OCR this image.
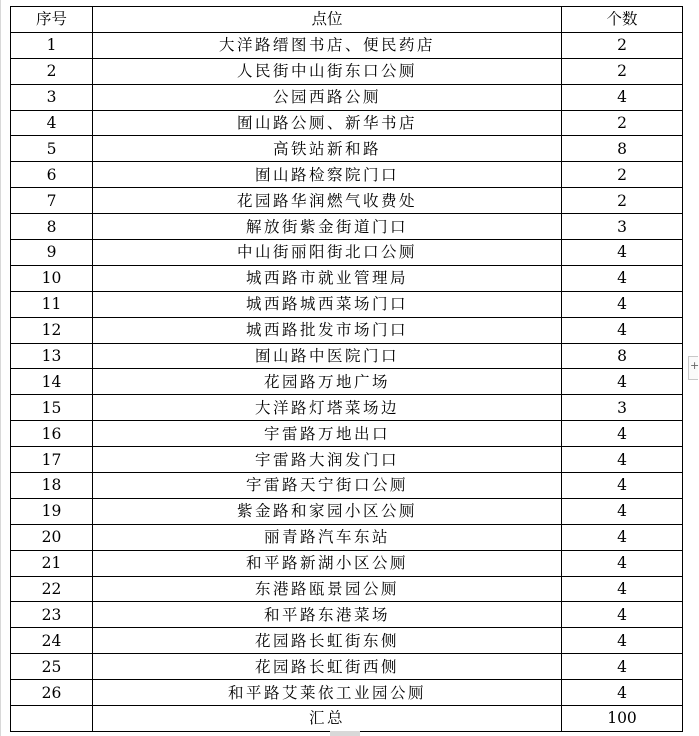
序号	点位	个数
1	大洋路缙图书店、便民药店	2
2	人民街中山街东口公厕	2
3	公园西路公厕	4
4	囿山路公厕、新华书店	2
5	高铁站新和路	8
6	囿山路检察院门口	2
7	花园路华润燃气收费处	2
8	解放街紫金街道门口	3
9	中山街丽阳街北口公厕	4
10	城西路市就业管理局	4
11	城西路城西菜场门口	4
12	城西路批发市场门口	4
13	囿山路中医院门口	8
14	花园路万地广场	4
15	大洋路灯塔菜场边	3
16	宇雷路万地出口	4
17	宇雷路大润发门口	4
18	宇雷路天宁街口公厕	4
19	紫金路和家园小区公厕	4
20	丽青路汽车东站	4
21	和平路新湖小区公厕	4
22	东港路瓯景园公厕	4
23	和平路东港菜场	4
24	花园路长虹街东侧	4
25	花园路长虹街西侧	4
26	和平路艾莱依工业园公厕	4
	汇总	100
+
